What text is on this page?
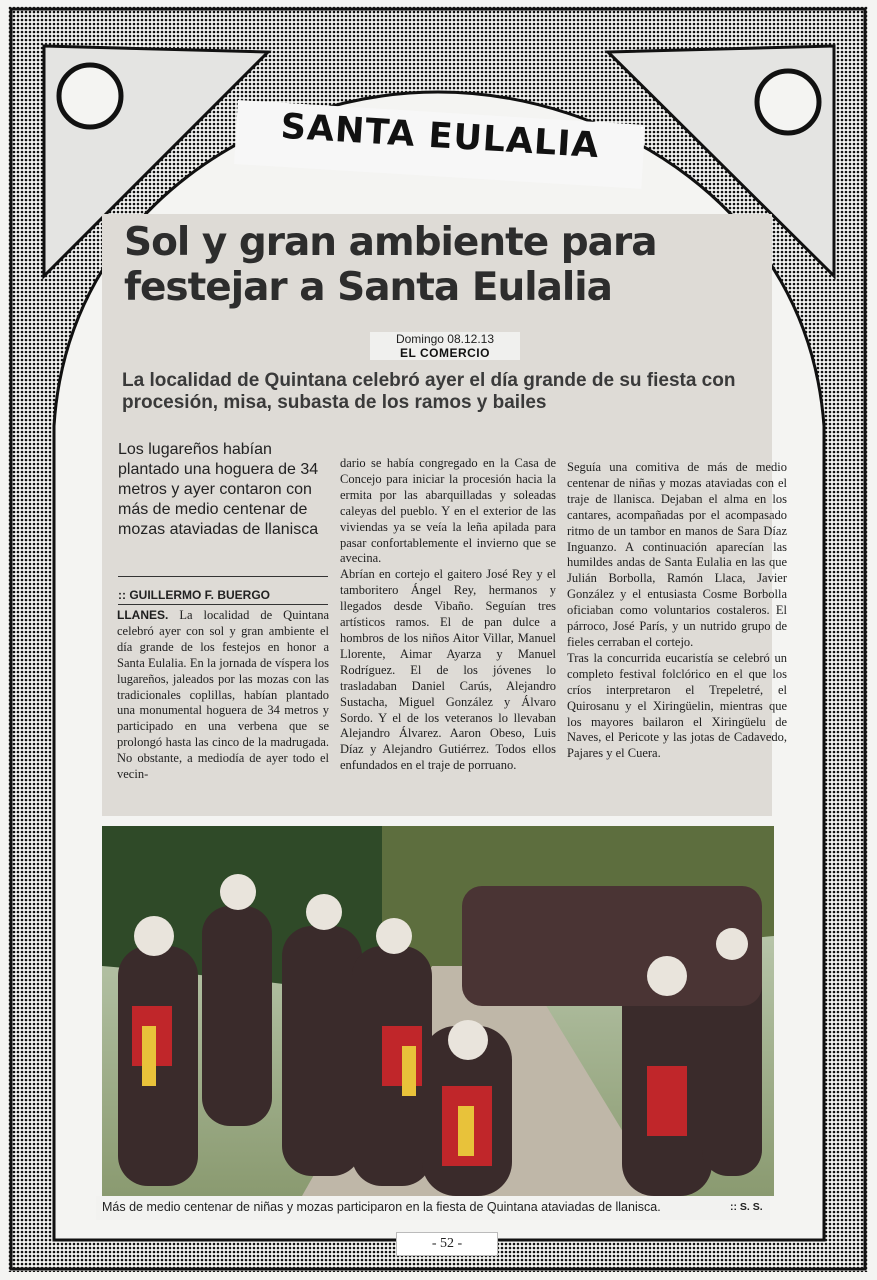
SANTA EULALIA
Sol y gran ambiente para festejar a Santa Eulalia
Domingo 08.12.13
EL COMERCIO
La localidad de Quintana celebró ayer el día grande de su fiesta con procesión, misa, subasta de los ramos y bailes
Los lugareños habían plantado una hoguera de 34 metros y ayer contaron con más de medio centenar de mozas ataviadas de llanisca
:: GUILLERMO F. BUERGO
LLANES. La localidad de Quintana celebró ayer con sol y gran ambiente el día grande de los festejos en honor a Santa Eulalia. En la jornada de víspera los lugareños, jaleados por las mozas con las tradicionales coplillas, habían plantado una monumental hoguera de 34 metros y participado en una verbena que se prolongó hasta las cinco de la madrugada. No obstante, a mediodía de ayer todo el vecin-
dario se había congregado en la Casa de Concejo para iniciar la procesión hacia la ermita por las abarquilladas y soleadas caleyas del pueblo. Y en el exterior de las viviendas ya se veía la leña apilada para pasar confortablemente el invierno que se avecina.
Abrían en cortejo el gaitero José Rey y el tamboritero Ángel Rey, hermanos y llegados desde Vibaño. Seguían tres artísticos ramos. El de pan dulce a hombros de los niños Aitor Villar, Manuel Llorente, Aimar Ayarza y Manuel Rodríguez. El de los jóvenes lo trasladaban Daniel Carús, Alejandro Sustacha, Miguel González y Álvaro Sordo. Y el de los veteranos lo llevaban Alejandro Álvarez. Aaron Obeso, Luis Díaz y Alejandro Gutiérrez. Todos ellos enfundados en el traje de porruano.
Seguía una comitiva de más de medio centenar de niñas y mozas ataviadas con el traje de llanisca. Dejaban el alma en los cantares, acompañadas por el acompasado ritmo de un tambor en manos de Sara Díaz Inguanzo. A continuación aparecían las humildes andas de Santa Eulalia en las que Julián Borbolla, Ramón Llaca, Javier González y el entusiasta Cosme Borbolla oficiaban como voluntarios costaleros. El párroco, José París, y un nutrido grupo de fieles cerraban el cortejo.
Tras la concurrida eucaristía se celebró un completo festival folclórico en el que los críos interpretaron el Trepeletré, el Quirosanu y el Xiringüelin, mientras que los mayores bailaron el Xiringüelu de Naves, el Pericote y las jotas de Cadavedo, Pajares y el Cuera.
Más de medio centenar de niñas y mozas participaron en la fiesta de Quintana ataviadas de llanisca.	:: S. S.
- 52 -
